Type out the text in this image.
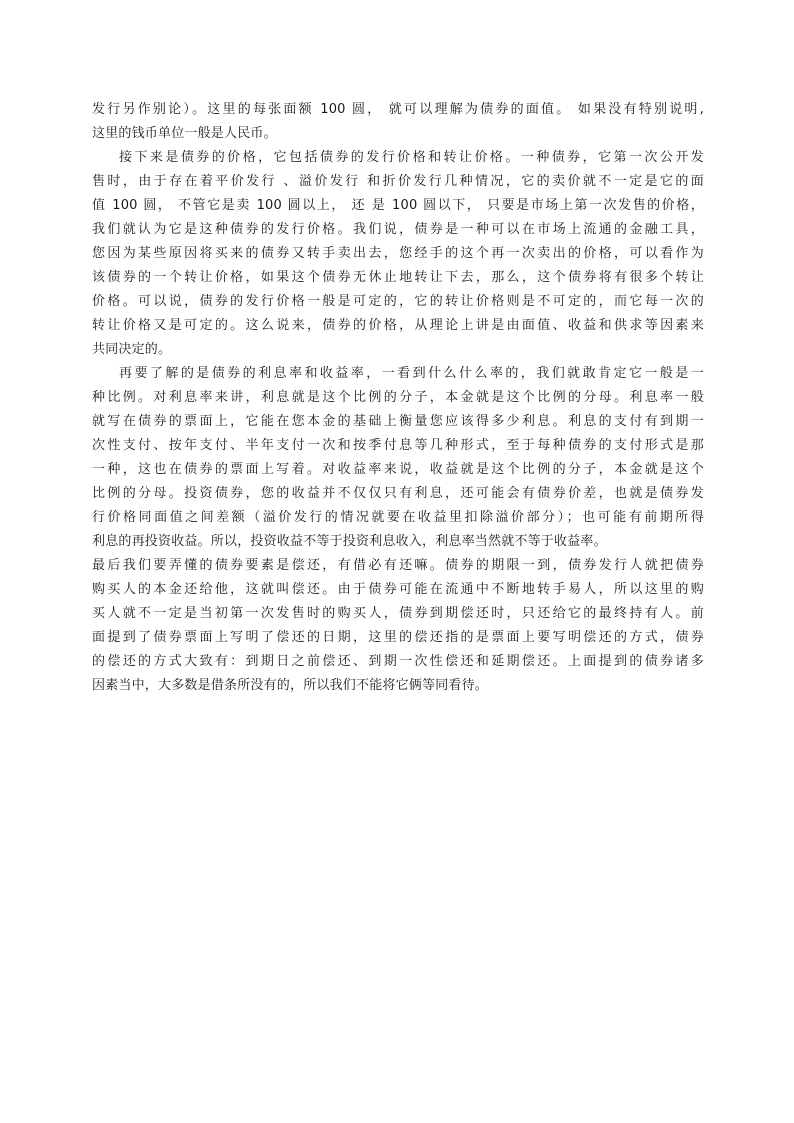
发行另作别论）。这里的每张面额 100 圆， 就可以理解为债券的面值。 如果没有特别说明,
这里的钱币单位一般是人民币。
接下来是债券的价格，它包括债券的发行价格和转让价格。一种债券，它第一次公开发
售时，由于存在着平价发行 、溢价发行 和折价发行几种情况，它的卖价就不一定是它的面
值 100 圆， 不管它是卖 100 圆以上， 还 是 100 圆以下， 只要是市场上第一次发售的价格，
我们就认为它是这种债券的发行价格。我们说，债券是一种可以在市场上流通的金融工具，
您因为某些原因将买来的债券又转手卖出去，您经手的这个再一次卖出的价格，可以看作为
该债券的一个转让价格，如果这个债券无休止地转让下去，那么，这个债券将有很多个转让
价格。可以说，债券的发行价格一般是可定的，它的转让价格则是不可定的，而它每一次的
转让价格又是可定的。这么说来，债券的价格，从理论上讲是由面值、收益和供求等因素来
共同决定的。
再要了解的是债券的利息率和收益率，一看到什么什么率的，我们就敢肯定它一般是一
种比例。对利息率来讲，利息就是这个比例的分子，本金就是这个比例的分母。利息率一般
就写在债券的票面上，它能在您本金的基础上衡量您应该得多少利息。利息的支付有到期一
次性支付、按年支付、半年支付一次和按季付息等几种形式，至于每种债券的支付形式是那
一种，这也在债券的票面上写着。对收益率来说，收益就是这个比例的分子，本金就是这个
比例的分母。投资债券，您的收益并不仅仅只有利息，还可能会有债券价差，也就是债券发
行价格同面值之间差额（溢价发行的情况就要在收益里扣除溢价部分）；也可能有前期所得
利息的再投资收益。所以，投资收益不等于投资利息收入，利息率当然就不等于收益率。
最后我们要弄懂的债券要素是偿还，有借必有还嘛。债券的期限一到，债券发行人就把债券
购买人的本金还给他，这就叫偿还。由于债券可能在流通中不断地转手易人，所以这里的购
买人就不一定是当初第一次发售时的购买人，债券到期偿还时，只还给它的最终持有人。前
面提到了债券票面上写明了偿还的日期，这里的偿还指的是票面上要写明偿还的方式，债券
的偿还的方式大致有：到期日之前偿还、到期一次性偿还和延期偿还。上面提到的债券诸多
因素当中，大多数是借条所没有的，所以我们不能将它俩等同看待。
